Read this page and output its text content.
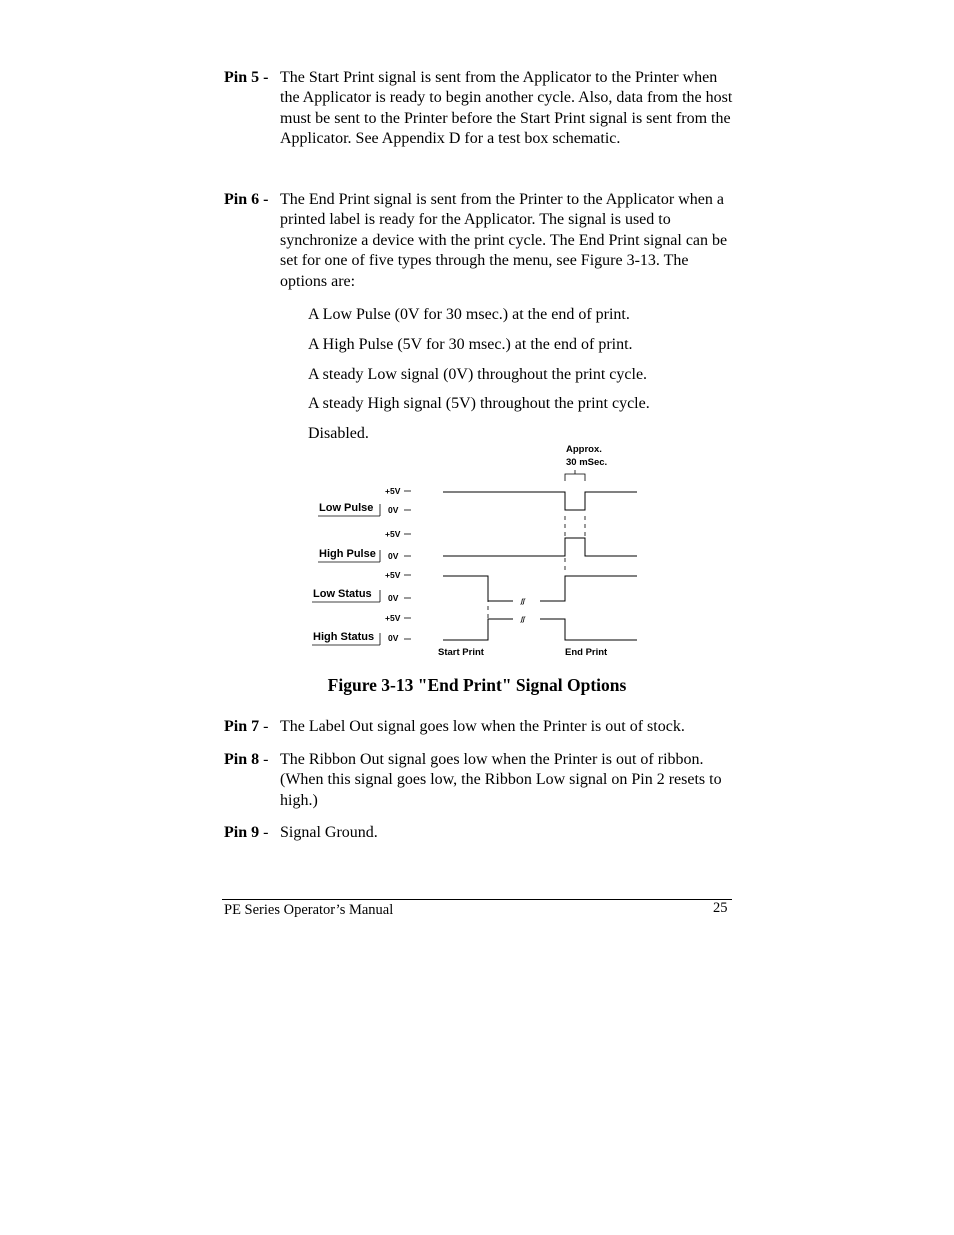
Pin 5 - The Start Print signal is sent from the Applicator to the Printer when the Applicator is ready to begin another cycle. Also, data from the host must be sent to the Printer before the Start Print signal is sent from the Applicator. See Appendix D for a test box schematic.
Pin 6 - The End Print signal is sent from the Printer to the Applicator when a printed label is ready for the Applicator. The signal is used to synchronize a device with the print cycle. The End Print signal can be set for one of five types through the menu, see Figure 3-13. The options are:
A Low Pulse (0V for 30 msec.) at the end of print.
A High Pulse (5V for 30 msec.) at the end of print.
A steady Low signal (0V) throughout the print cycle.
A steady High signal (5V) throughout the print cycle.
Disabled.
Approx.
30 mSec.
+5V
Low Pulse 0V
+5V
High Pulse 0V
+5V
Low Status 0V	ʃʃ
+5V
High Status 0V
ʃʃ
Start Print	End Print
Figure 3-13 "End Print" Signal Options
Pin 7 - The Label Out signal goes low when the Printer is out of stock.
Pin 8 - The Ribbon Out signal goes low when the Printer is out of ribbon. (When this signal goes low, the Ribbon Low signal on Pin 2 resets to high.)
Pin 9 - Signal Ground.
PE Series Operator’s Manual	25
